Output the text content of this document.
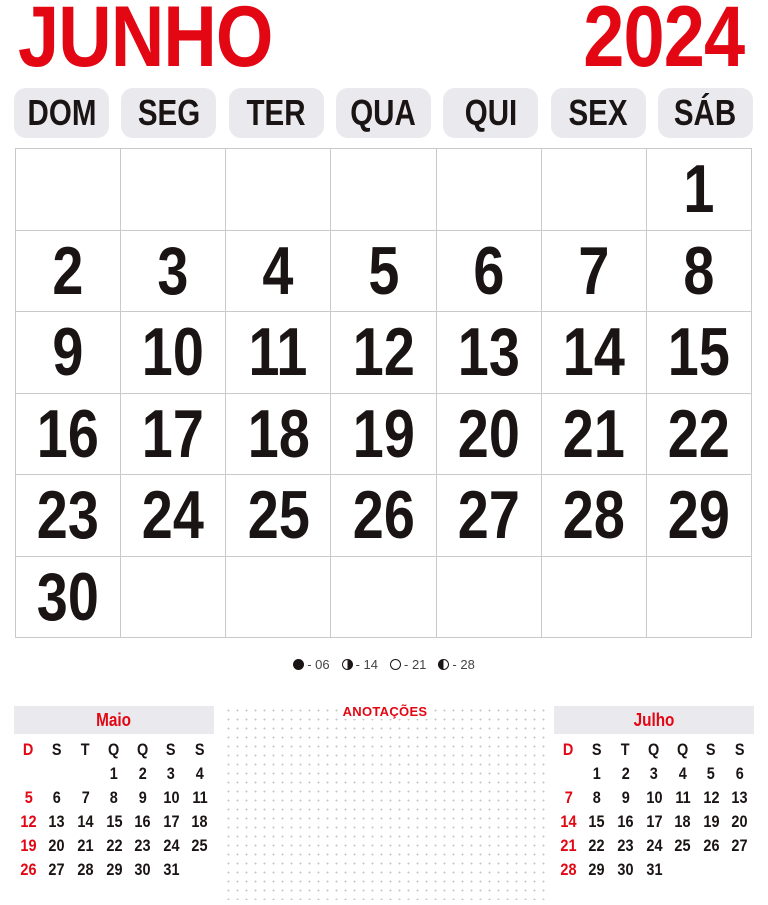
JUNHO	2024
DOM SEG TER QUA QUI SEX SÁB
1
2 3 4 5 6 7 8
9 10 11 12 13 14 15
16 17 18 19 20 21 22
23 24 25 26 27 28 29
30
- 06 - 14 - 21 - 28
Maio
D S T Q Q S S
1 2 3 4
5 6 7 8 9 10 11
12 13 14 15 16 17 18
19 20 21 22 23 24 25
26 27 28 29 30 31
ANOTAÇÕES	Julho
D S T Q Q S S
1 2 3 4 5 6
7 8 9 10 11 12 13
14 15 16 17 18 19 20
21 22 23 24 25 26 27
28 29 30 31
